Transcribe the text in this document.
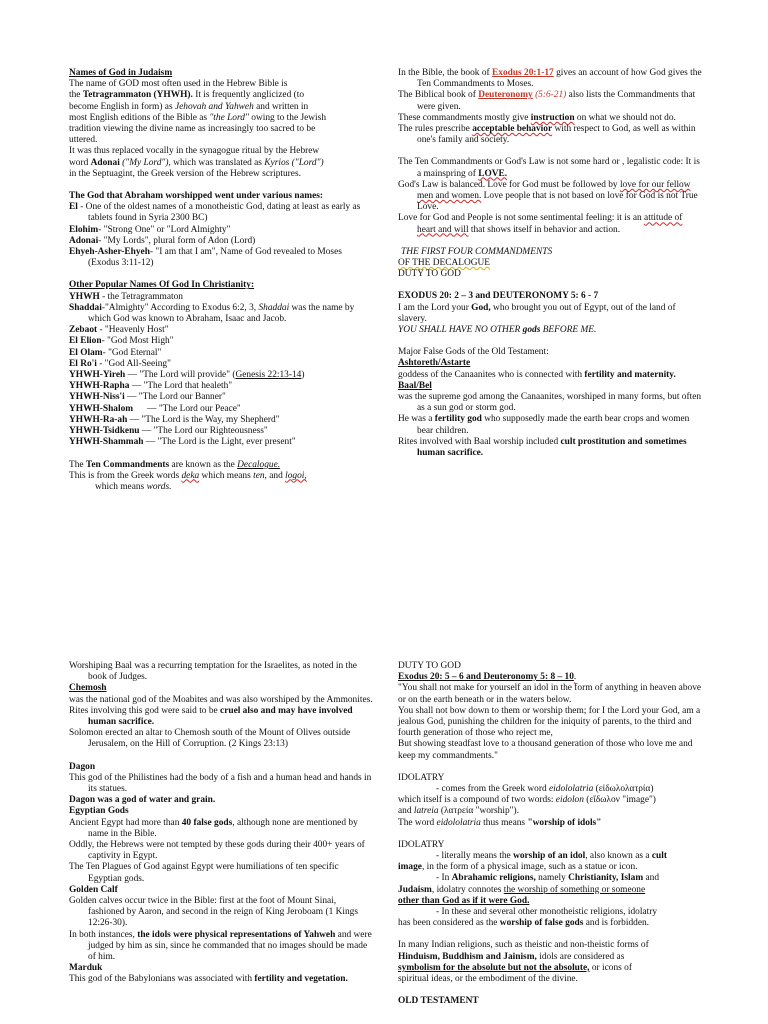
Names of God in Judaism

The name of GOD most often used in the Hebrew Bible is

the Tetragrammaton (YHWH). It is frequently anglicized (to

become English in form) as Jehovah and Yahweh and written in

most English editions of the Bible as "the Lord" owing to the Jewish

tradition viewing the divine name as increasingly too sacred to be

uttered.

It was thus replaced vocally in the synagogue ritual by the Hebrew

word Adonai ("My Lord"), which was translated as Kyrios ("Lord")

in the Septuagint, the Greek version of the Hebrew scriptures.

The God that Abraham worshipped went under various names:

El - One of the oldest names of a monotheistic God, dating at least as early as tablets found in Syria 2300 BC)

Elohim- "Strong One" or "Lord Almighty"

Adonai- "My Lords", plural form of Adon (Lord)

Ehyeh-Asher-Ehyeh- "I am that I am", Name of God revealed to Moses (Exodus 3:11-12)

Other Popular Names Of God In Christianity:

YHWH - the Tetragrammaton

Shaddai-"Almighty" According to Exodus 6:2, 3, Shaddai was the name by which God was known to Abraham, Isaac and Jacob.

Zebaot - "Heavenly Host"

El Elion- "God Most High"

El Olam- "God Eternal"

El Ro'i - "God All-Seeing"

YHWH-Yireh — "The Lord will provide" (Genesis 22:13-14)

YHWH-Rapha — "The Lord that healeth"

YHWH-Niss'i — "The Lord our Banner"

YHWH-Shalom      — "The Lord our Peace"

YHWH-Ra-ah — "The Lord is the Way, my Shepherd"

YHWH-Tsidkenu — "The Lord our Righteousness"

YHWH-Shammah — "The Lord is the Light, ever present"

The Ten Commandments are known as the Decalogue.

This is from the Greek words deka which means ten, and logoi,

which means words.

In the Bible, the book of Exodus 20:1-17 gives an account of how God gives the Ten Commandments to Moses.

The Biblical book of Deuteronomy (5:6-21) also lists the Commandments that were given.

These commandments mostly give instruction on what we should not do.

The rules prescribe acceptable behavior with respect to God, as well as within one's family and society.

The Ten Commandments or God's Law is not some hard or , legalistic code: It is a mainspring of LOVE.

God's Law is balanced. Love for God must be followed by love for our fellow men and women. Love people that is not based on love for God is not True Love.

Love for God and People is not some sentimental feeling: it is an attitude of heart and will that shows itself in behavior and action.

THE FIRST FOUR COMMANDMENTS

OF THE DECALOGUE

DUTY TO GOD

EXODUS 20: 2 – 3 and DEUTERONOMY 5: 6 - 7

I am the Lord your God, who brought you out of Egypt, out of the land of slavery.

YOU SHALL HAVE NO OTHER gods BEFORE ME.

Major False Gods of the Old Testament:

Ashtoreth/Astarte

goddess of the Canaanites who is connected with fertility and maternity.

Baal/Bel

was the supreme god among the Canaanites, worshiped in many forms, but often as a sun god or storm god.

He was a fertility god who supposedly made the earth bear crops and women bear children.

Rites involved with Baal worship included cult prostitution and sometimes human sacrifice.

Worshiping Baal was a recurring temptation for the Israelites, as noted in the book of Judges.

Chemosh

was the national god of the Moabites and was also worshiped by the Ammonites.

Rites involving this god were said to be cruel also and may have involved human sacrifice.

Solomon erected an altar to Chemosh south of the Mount of Olives outside Jerusalem, on the Hill of Corruption. (2 Kings 23:13)

Dagon

This god of the Philistines had the body of a fish and a human head and hands in its statues.

Dagon was a god of water and grain.

Egyptian Gods

Ancient Egypt had more than 40 false gods, although none are mentioned by name in the Bible.

Oddly, the Hebrews were not tempted by these gods during their 400+ years of captivity in Egypt.

The Ten Plagues of God against Egypt were humiliations of ten specific Egyptian gods.

Golden Calf

Golden calves occur twice in the Bible: first at the foot of Mount Sinai, fashioned by Aaron, and second in the reign of King Jeroboam (1 Kings 12:26-30).

In both instances, the idols were physical representations of Yahweh and were judged by him as sin, since he commanded that no images should be made of him.

Marduk

This god of the Babylonians was associated with fertility and vegetation.

DUTY TO GOD

Exodus 20: 5 – 6 and Deuteronomy 5: 8 – 10.

"You shall not make for yourself an idol in the form of anything in heaven above or on the earth beneath or in the waters below.

You shall not bow down to them or worship them; for I the Lord your God, am a jealous God, punishing the children for the iniquity of parents, to the third and fourth generation of those who reject me,

But showing steadfast love to a thousand generation of those who love me and keep my commandments."

IDOLATRY

- comes from the Greek word eidololatria (εἰδωλολατρία)

which itself is a compound of two words: eidolon (εἴδωλον "image")

and latreia (λατρεία "worship").

The word eidololatria thus means "worship of idols"

IDOLATRY

- literally means the worship of an idol, also known as a cult

image, in the form of a physical image, such as a statue or icon.

- In Abrahamic religions, namely Christianity, Islam and

Judaism, idolatry connotes the worship of something or someone

other than God as if it were God.

- In these and several other monotheistic religions, idolatry

has been considered as the worship of false gods and is forbidden.

In many Indian religions, such as theistic and non-theistic forms of

Hinduism, Buddhism and Jainism, idols are considered as

symbolism for the absolute but not the absolute, or icons of

spiritual ideas, or the embodiment of the divine.

OLD TESTAMENT
